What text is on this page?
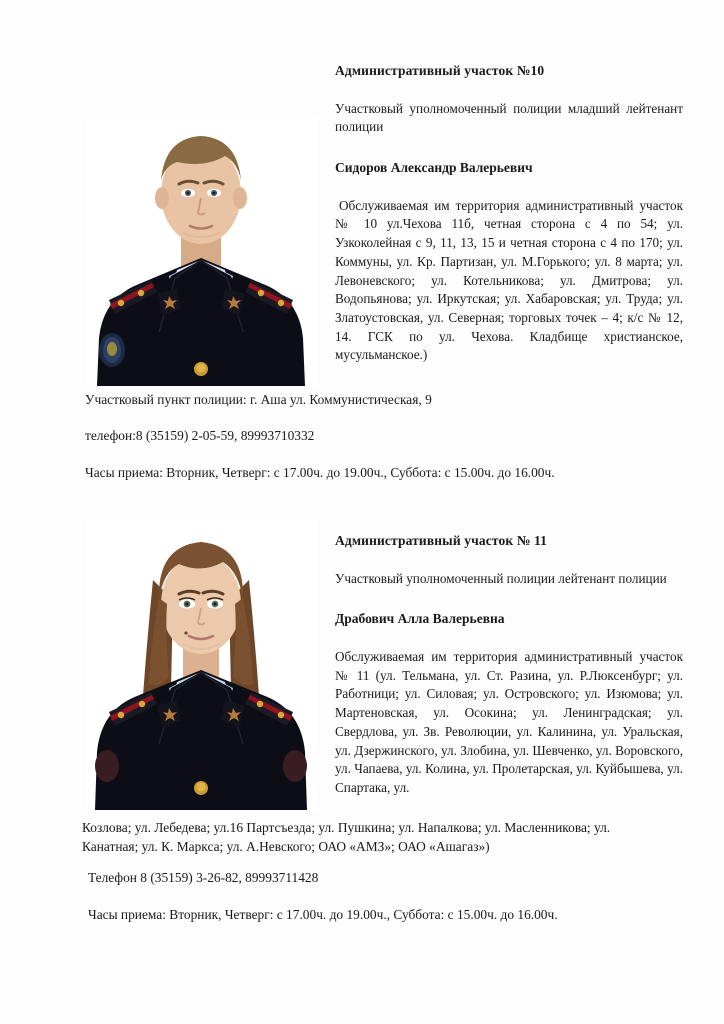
Административный участок №10

Участковый уполномоченный полиции младший лейтенант полиции

Сидоров Александр Валерьевич

Обслуживаемая им территория административный участок № 10 ул.Чехова 11б, четная сторона с 4 по 54; ул. Узкоколейная с 9, 11, 13, 15 и четная сторона с 4 по 170; ул. Коммуны, ул. Кр. Партизан, ул. М.Горького; ул. 8 марта; ул. Левоневского; ул. Котельникова; ул. Дмитрова; ул. Водопьянова; ул. Иркутская; ул. Хабаровская; ул. Труда; ул. Златоустовская, ул. Северная; торговых точек – 4; к/с № 12, 14. ГСК по ул. Чехова. Кладбище христианское, мусульманское.)

Участковый пункт полиции: г. Аша ул. Коммунистическая, 9

телефон:8 (35159) 2-05-59, 89993710332

Часы приема: Вторник, Четверг: с 17.00ч. до 19.00ч., Суббота: с 15.00ч. до 16.00ч.

Административный участок № 11

Участковый уполномоченный полиции лейтенант полиции

Драбович Алла Валерьевна

Обслуживаемая им территория административный участок № 11 (ул. Тельмана, ул. Ст. Разина, ул. Р.Люксенбург; ул. Работници; ул. Силовая; ул. Островского; ул. Изюмова; ул. Мартеновская, ул. Осокина; ул. Ленинградская; ул. Свердлова, ул. Зв. Революции, ул. Калинина, ул. Уральская, ул. Дзержинского, ул. Злобина, ул. Шевченко, ул. Воровского, ул. Чапаева, ул. Колина, ул. Пролетарская, ул. Куйбышева, ул. Спартака, ул.

Козлова; ул. Лебедева; ул.16 Партсъезда; ул. Пушкина; ул. Напалкова; ул. Масленникова; ул.

Канатная; ул. К. Маркса; ул. А.Невского; ОАО «АМЗ»; ОАО «Ашагаз»)

Телефон 8 (35159) 3-26-82, 89993711428

Часы приема: Вторник, Четверг: с 17.00ч. до 19.00ч., Суббота: с 15.00ч. до 16.00ч.
